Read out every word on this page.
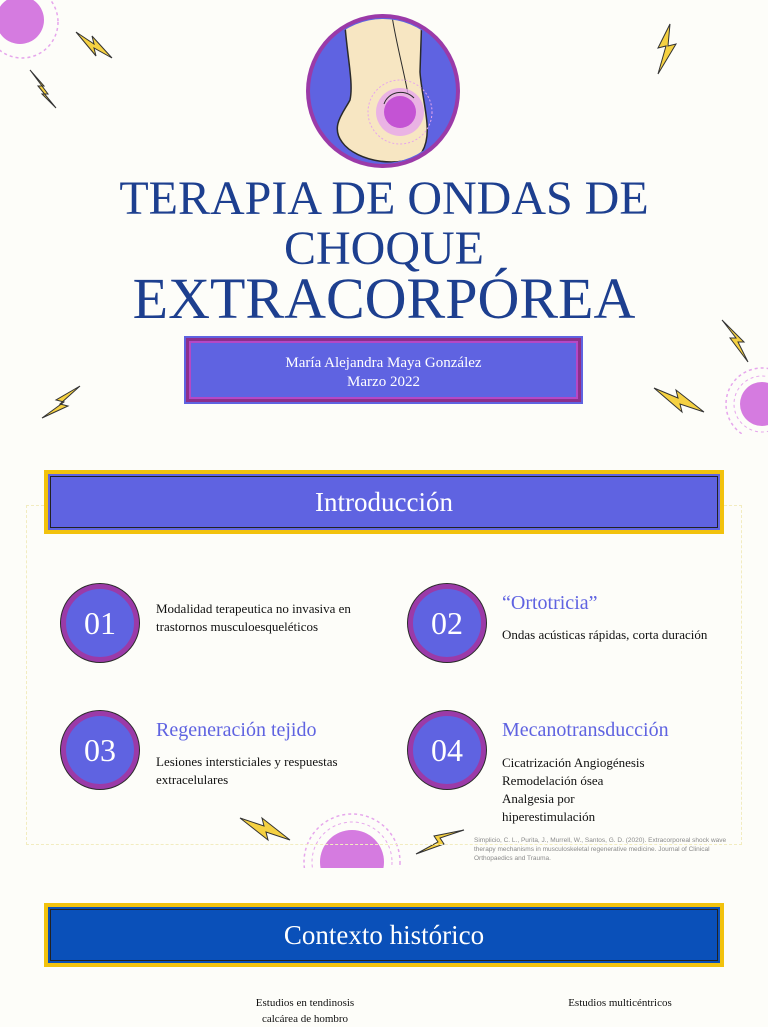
TERAPIA DE ONDAS DE
CHOQUE
EXTRACORPÓREA
María Alejandra Maya González
Marzo 2022
Introducción
01	Modalidad terapeutica no invasiva en trastornos musculoesqueléticos	02
“Ortotricia”
Ondas acústicas rápidas, corta duración
03
Regeneración tejido
Lesiones intersticiales y respuestas extracelulares
04
Mecanotransducción
Cicatrización Angiogénesis
Remodelación ósea
Analgesia por
hiperestimulación
Simplicio, C. L., Purita, J., Murrell, W., Santos, G. D. (2020). Extracorporeal shock wave therapy mechanisms in musculoskeletal regenerative medicine. Journal of Clinical Orthopaedics and Trauma.
Contexto histórico
Estudios en tendinosis
calcárea de hombro
Estudios multicéntricos
